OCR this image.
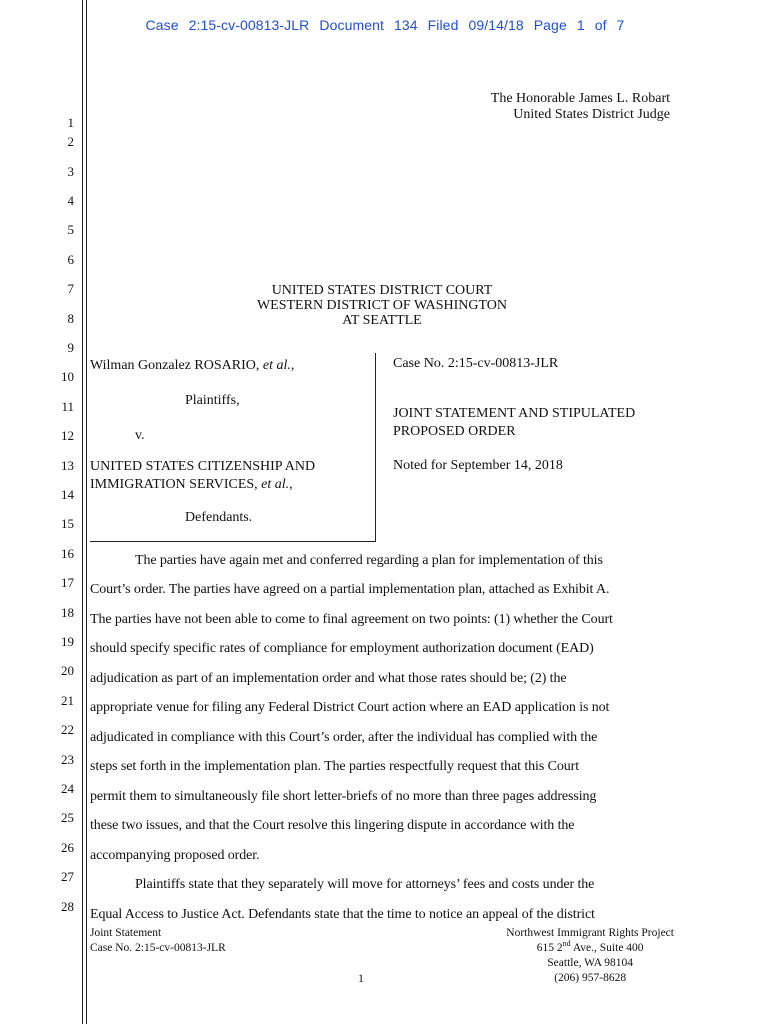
Case 2:15-cv-00813-JLR Document 134 Filed 09/14/18 Page 1 of 7
1
2
3
4
5
6
7
8
9
10
11
12
13
14
15
16
17
18
19
20
21
22
23
24
25
26
27
28
The Honorable James L. Robart
United States District Judge
UNITED STATES DISTRICT COURT
WESTERN DISTRICT OF WASHINGTON
AT SEATTLE
Wilman Gonzalez ROSARIO, et al.,
Plaintiffs,
v.
UNITED STATES CITIZENSHIP AND
IMMIGRATION SERVICES, et al.,
Defendants.
Case No. 2:15-cv-00813-JLR
JOINT STATEMENT AND STIPULATED
PROPOSED ORDER
Noted for September 14, 2018
The parties have again met and conferred regarding a plan for implementation of this
Court’s order. The parties have agreed on a partial implementation plan, attached as Exhibit A.
The parties have not been able to come to final agreement on two points: (1) whether the Court
should specify specific rates of compliance for employment authorization document (EAD)
adjudication as part of an implementation order and what those rates should be; (2) the
appropriate venue for filing any Federal District Court action where an EAD application is not
adjudicated in compliance with this Court’s order, after the individual has complied with the
steps set forth in the implementation plan. The parties respectfully request that this Court
permit them to simultaneously file short letter-briefs of no more than three pages addressing
these two issues, and that the Court resolve this lingering dispute in accordance with the
accompanying proposed order.
Plaintiffs state that they separately will move for attorneys’ fees and costs under the
Equal Access to Justice Act. Defendants state that the time to notice an appeal of the district
Joint Statement
Case No. 2:15-cv-00813-JLR
Northwest Immigrant Rights Project
615 2nd Ave., Suite 400
Seattle, WA 98104
(206) 957-8628
1
